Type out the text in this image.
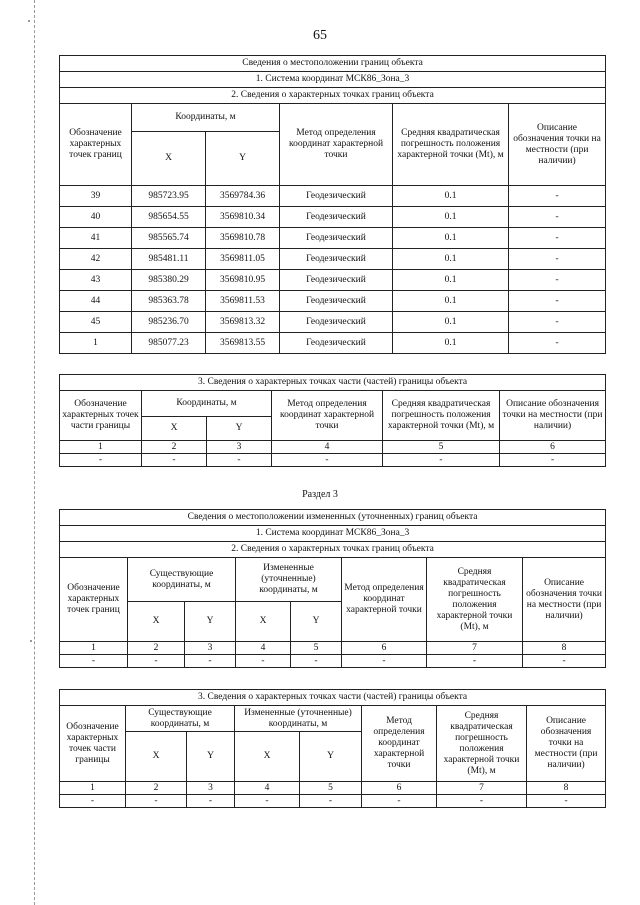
65
Сведения о местоположении границ объекта					
1. Система координат МСК86_Зона_3					
2. Сведения о характерных точках границ объекта					
Обозначение характерных точек границ	Координаты, м		Метод определения координат характерной точки	Средняя квадратическая погрешность положения характерной точки (Mt), м	Описание обозначения точки на местности (при наличии)
	X	Y			
39	985723.95	3569784.36	Геодезический	0.1	-
40	985654.55	3569810.34	Геодезический	0.1	-
41	985565.74	3569810.78	Геодезический	0.1	-
42	985481.11	3569811.05	Геодезический	0.1	-
43	985380.29	3569810.95	Геодезический	0.1	-
44	985363.78	3569811.53	Геодезический	0.1	-
45	985236.70	3569813.32	Геодезический	0.1	-
1	985077.23	3569813.55	Геодезический	0.1	-
3. Сведения о характерных точках части (частей) границы объекта					
Обозначение характерных точек части границы	Координаты, м		Метод определения координат характерной точки	Средняя квадратическая погрешность положения характерной точки (Mt), м	Описание обозначения точки на местности (при наличии)
	X	Y			
1	2	3	4	5	6
-	-	-	-	-	-
Раздел 3
Сведения о местоположении измененных (уточненных) границ объекта							
1. Система координат МСК86_Зона_3							
2. Сведения о характерных точках границ объекта							
Обозначение характерных точек границ	Существующие координаты, м		Измененные (уточненные) координаты, м		Метод определения координат характерной точки	Средняя квадратическая погрешность положения характерной точки (Mt), м	Описание обозначения точки на местности (при наличии)
	X	Y	X	Y			
1	2	3	4	5	6	7	8
-	-	-	-	-	-	-	-
3. Сведения о характерных точках части (частей) границы объекта							
Обозначение характерных точек части границы	Существующие координаты, м		Измененные (уточненные) координаты, м		Метод определения координат характерной точки	Средняя квадратическая погрешность положения характерной точки (Mt), м	Описание обозначения точки на местности (при наличии)
	X	Y	X	Y			
1	2	3	4	5	6	7	8
-	-	-	-	-	-	-	-
